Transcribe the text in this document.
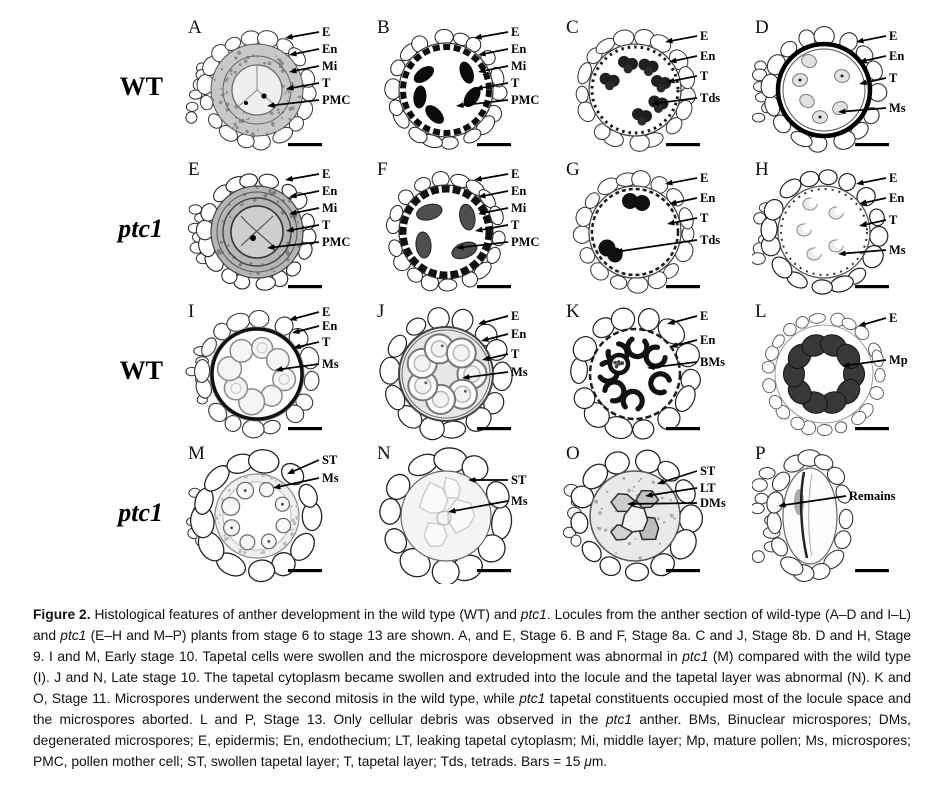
WT
A	E
En
Mi
T
PMC
B	E
En
Mi
T
PMC
C	E
En
T
Tds
D	E
En
T
Ms
ptc1
E	E
En
Mi
T
PMC
F	E
En
Mi
T
PMC
G	E
En
T
Tds
H	E
En
T
Ms
WT
I	E
En
T
Ms
J	E
En
T
Ms
K	E
En
BMs
L	E
Mp
ptc1
M	ST
Ms
N
ST
Ms
O
ST
LT
DMs
P
Remains

Figure 2. Histological features of anther development in the wild type (WT) and ptc1. Locules from the anther section of wild-type (A–D and I–L) and ptc1 (E–H and M–P) plants from stage 6 to stage 13 are shown. A, and E, Stage 6. B and F, Stage 8a. C and J, Stage 8b. D and H, Stage 9. I and M, Early stage 10. Tapetal cells were swollen and the microspore development was abnormal in ptc1 (M) compared with the wild type (I). J and N, Late stage 10. The tapetal cytoplasm became swollen and extruded into the locule and the tapetal layer was abnormal (N). K and O, Stage 11. Microspores underwent the second mitosis in the wild type, while ptc1 tapetal constituents occupied most of the locule space and the microspores aborted. L and P, Stage 13. Only cellular debris was observed in the ptc1 anther. BMs, Binuclear microspores; DMs, degenerated microspores; E, epidermis; En, endothecium; LT, leaking tapetal cytoplasm; Mi, middle layer; Mp, mature pollen; Ms, microspores; PMC, pollen mother cell; ST, swollen tapetal layer; T, tapetal layer; Tds, tetrads. Bars = 15 μm.
